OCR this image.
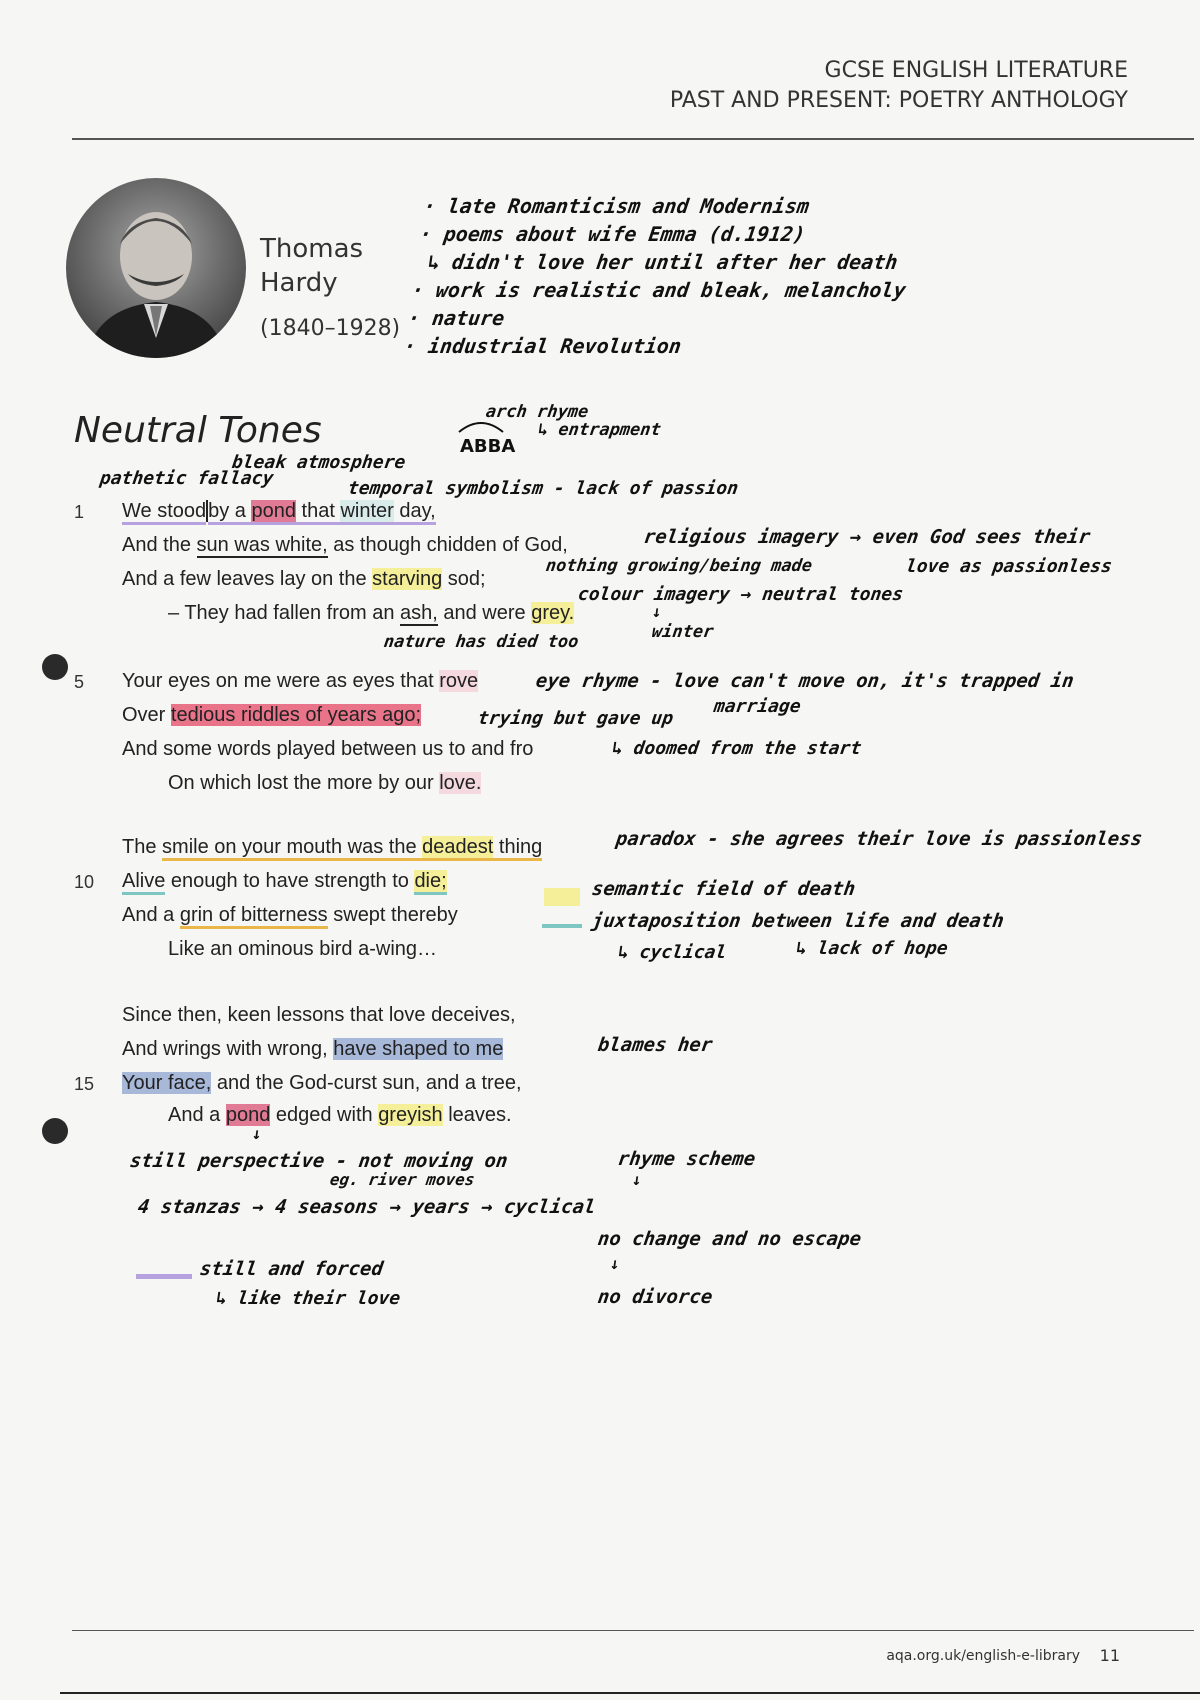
GCSE ENGLISH LITERATURE
PAST AND PRESENT: POETRY ANTHOLOGY
Thomas
Hardy
(1840–1928)
· late Romanticism and Modernism
· poems about wife Emma (d.1912)
↳ didn't love her until after her death
· work is realistic and bleak, melancholy
· nature
· industrial Revolution
Neutral Tones	arch rhyme
ABBA
↳ entrapment
bleak atmosphere
pathetic fallacy	temporal symbolism - lack of passion
1
5
10
15
We stood by a pond that winter day,
And the sun was white, as though chidden of God,
And a few leaves lay on the starving sod;
– They had fallen from an ash, and were grey.
religious imagery → even God sees their
love as passionless
nothing growing/being made
colour imagery → neutral tones
↓
winter
nature has died too
Your eyes on me were as eyes that rove
Over tedious riddles of years ago;
And some words played between us to and fro
On which lost the more by our love.
eye rhyme - love can't move on, it's trapped in
trying but gave up
marriage
↳ doomed from the start
The smile on your mouth was the deadest thing
Alive enough to have strength to die;
And a grin of bitterness swept thereby
Like an ominous bird a-wing…
paradox - she agrees their love is passionless
semantic field of death
juxtaposition between life and death
↳ cyclical	↳ lack of hope
Since then, keen lessons that love deceives,
And wrings with wrong, have shaped to me
Your face, and the God-curst sun, and a tree,
And a pond edged with greyish leaves.
blames her
↓
still perspective - not moving on
eg. river moves
rhyme scheme
↓
4 stanzas → 4 seasons → years → cyclical
no change and no escape
↓
no divorce
still and forced
↳ like their love
aqa.org.uk/english-e-library 11
